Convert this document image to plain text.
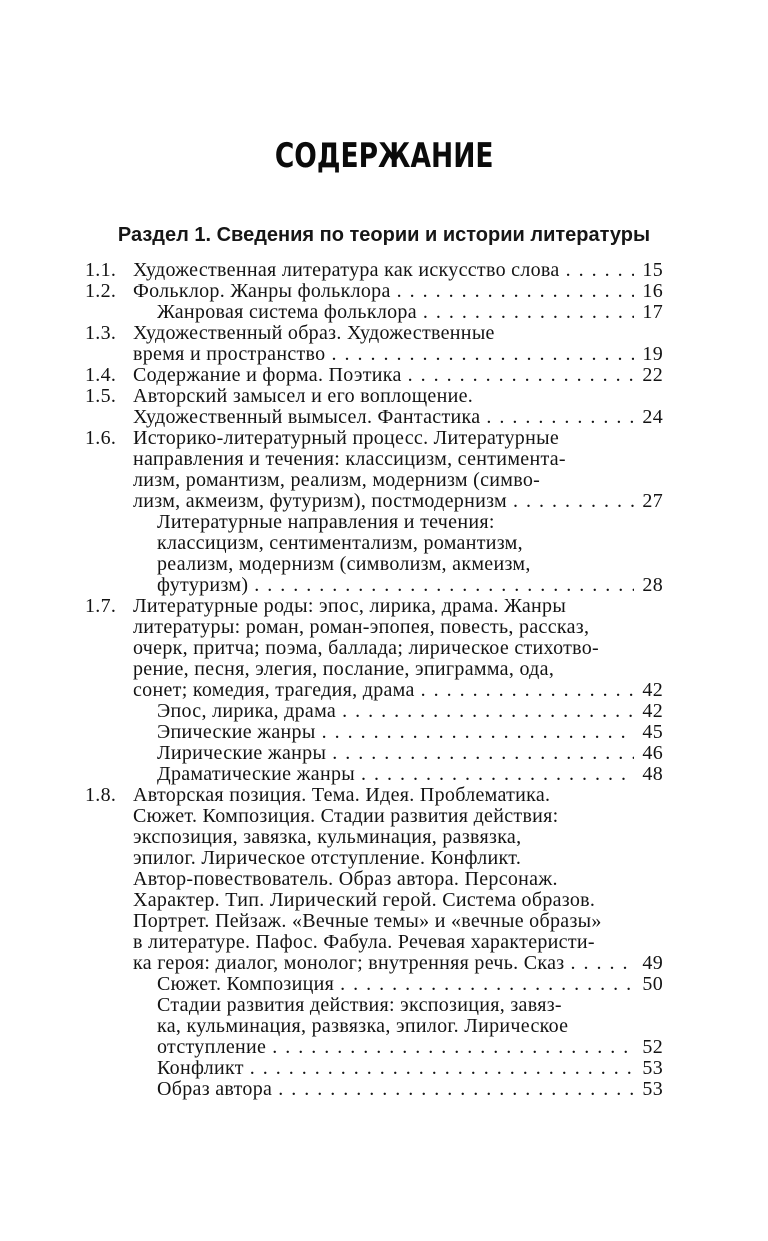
СОДЕРЖАНИЕ
Раздел 1. Сведения по теории и истории литературы
1.1. Художественная литература как искусство слова . . .	15
1.2. Фольклор. Жанры фольклора . . .	16
Жанровая система фольклора . . .	17
1.3. Художественный образ. Художественные
время и пространство . . .	19
1.4. Содержание и форма. Поэтика . . .	22
1.5. Авторский замысел и его воплощение.
Художественный вымысел. Фантастика . . .	24
1.6. Историко-литературный процесс. Литературные
направления и течения: классицизм, сентимента-
лизм, романтизм, реализм, модернизм (симво-
лизм, акмеизм, футуризм), постмодернизм . . .	27
Литературные направления и течения:
классицизм, сентиментализм, романтизм,
реализм, модернизм (символизм, акмеизм,
футуризм) . . .	28
1.7. Литературные роды: эпос, лирика, драма. Жанры
литературы: роман, роман-эпопея, повесть, рассказ,
очерк, притча; поэма, баллада; лирическое стихотво-
рение, песня, элегия, послание, эпиграмма, ода,
сонет; комедия, трагедия, драма . . .	42
Эпос, лирика, драма . . .	42
Эпические жанры . . .	45
Лирические жанры . . .	46
Драматические жанры . . .	48
1.8. Авторская позиция. Тема. Идея. Проблематика.
Сюжет. Композиция. Стадии развития действия:
экспозиция, завязка, кульминация, развязка,
эпилог. Лирическое отступление. Конфликт.
Автор-повествователь. Образ автора. Персонаж.
Характер. Тип. Лирический герой. Система образов.
Портрет. Пейзаж. «Вечные темы» и «вечные образы»
в литературе. Пафос. Фабула. Речевая характеристи-
ка героя: диалог, монолог; внутренняя речь. Сказ . . .	49
Сюжет. Композиция . . .	50
Стадии развития действия: экспозиция, завяз-
ка, кульминация, развязка, эпилог. Лирическое
отступление . . .	52
Конфликт . . .	53
Образ автора . . .	53
